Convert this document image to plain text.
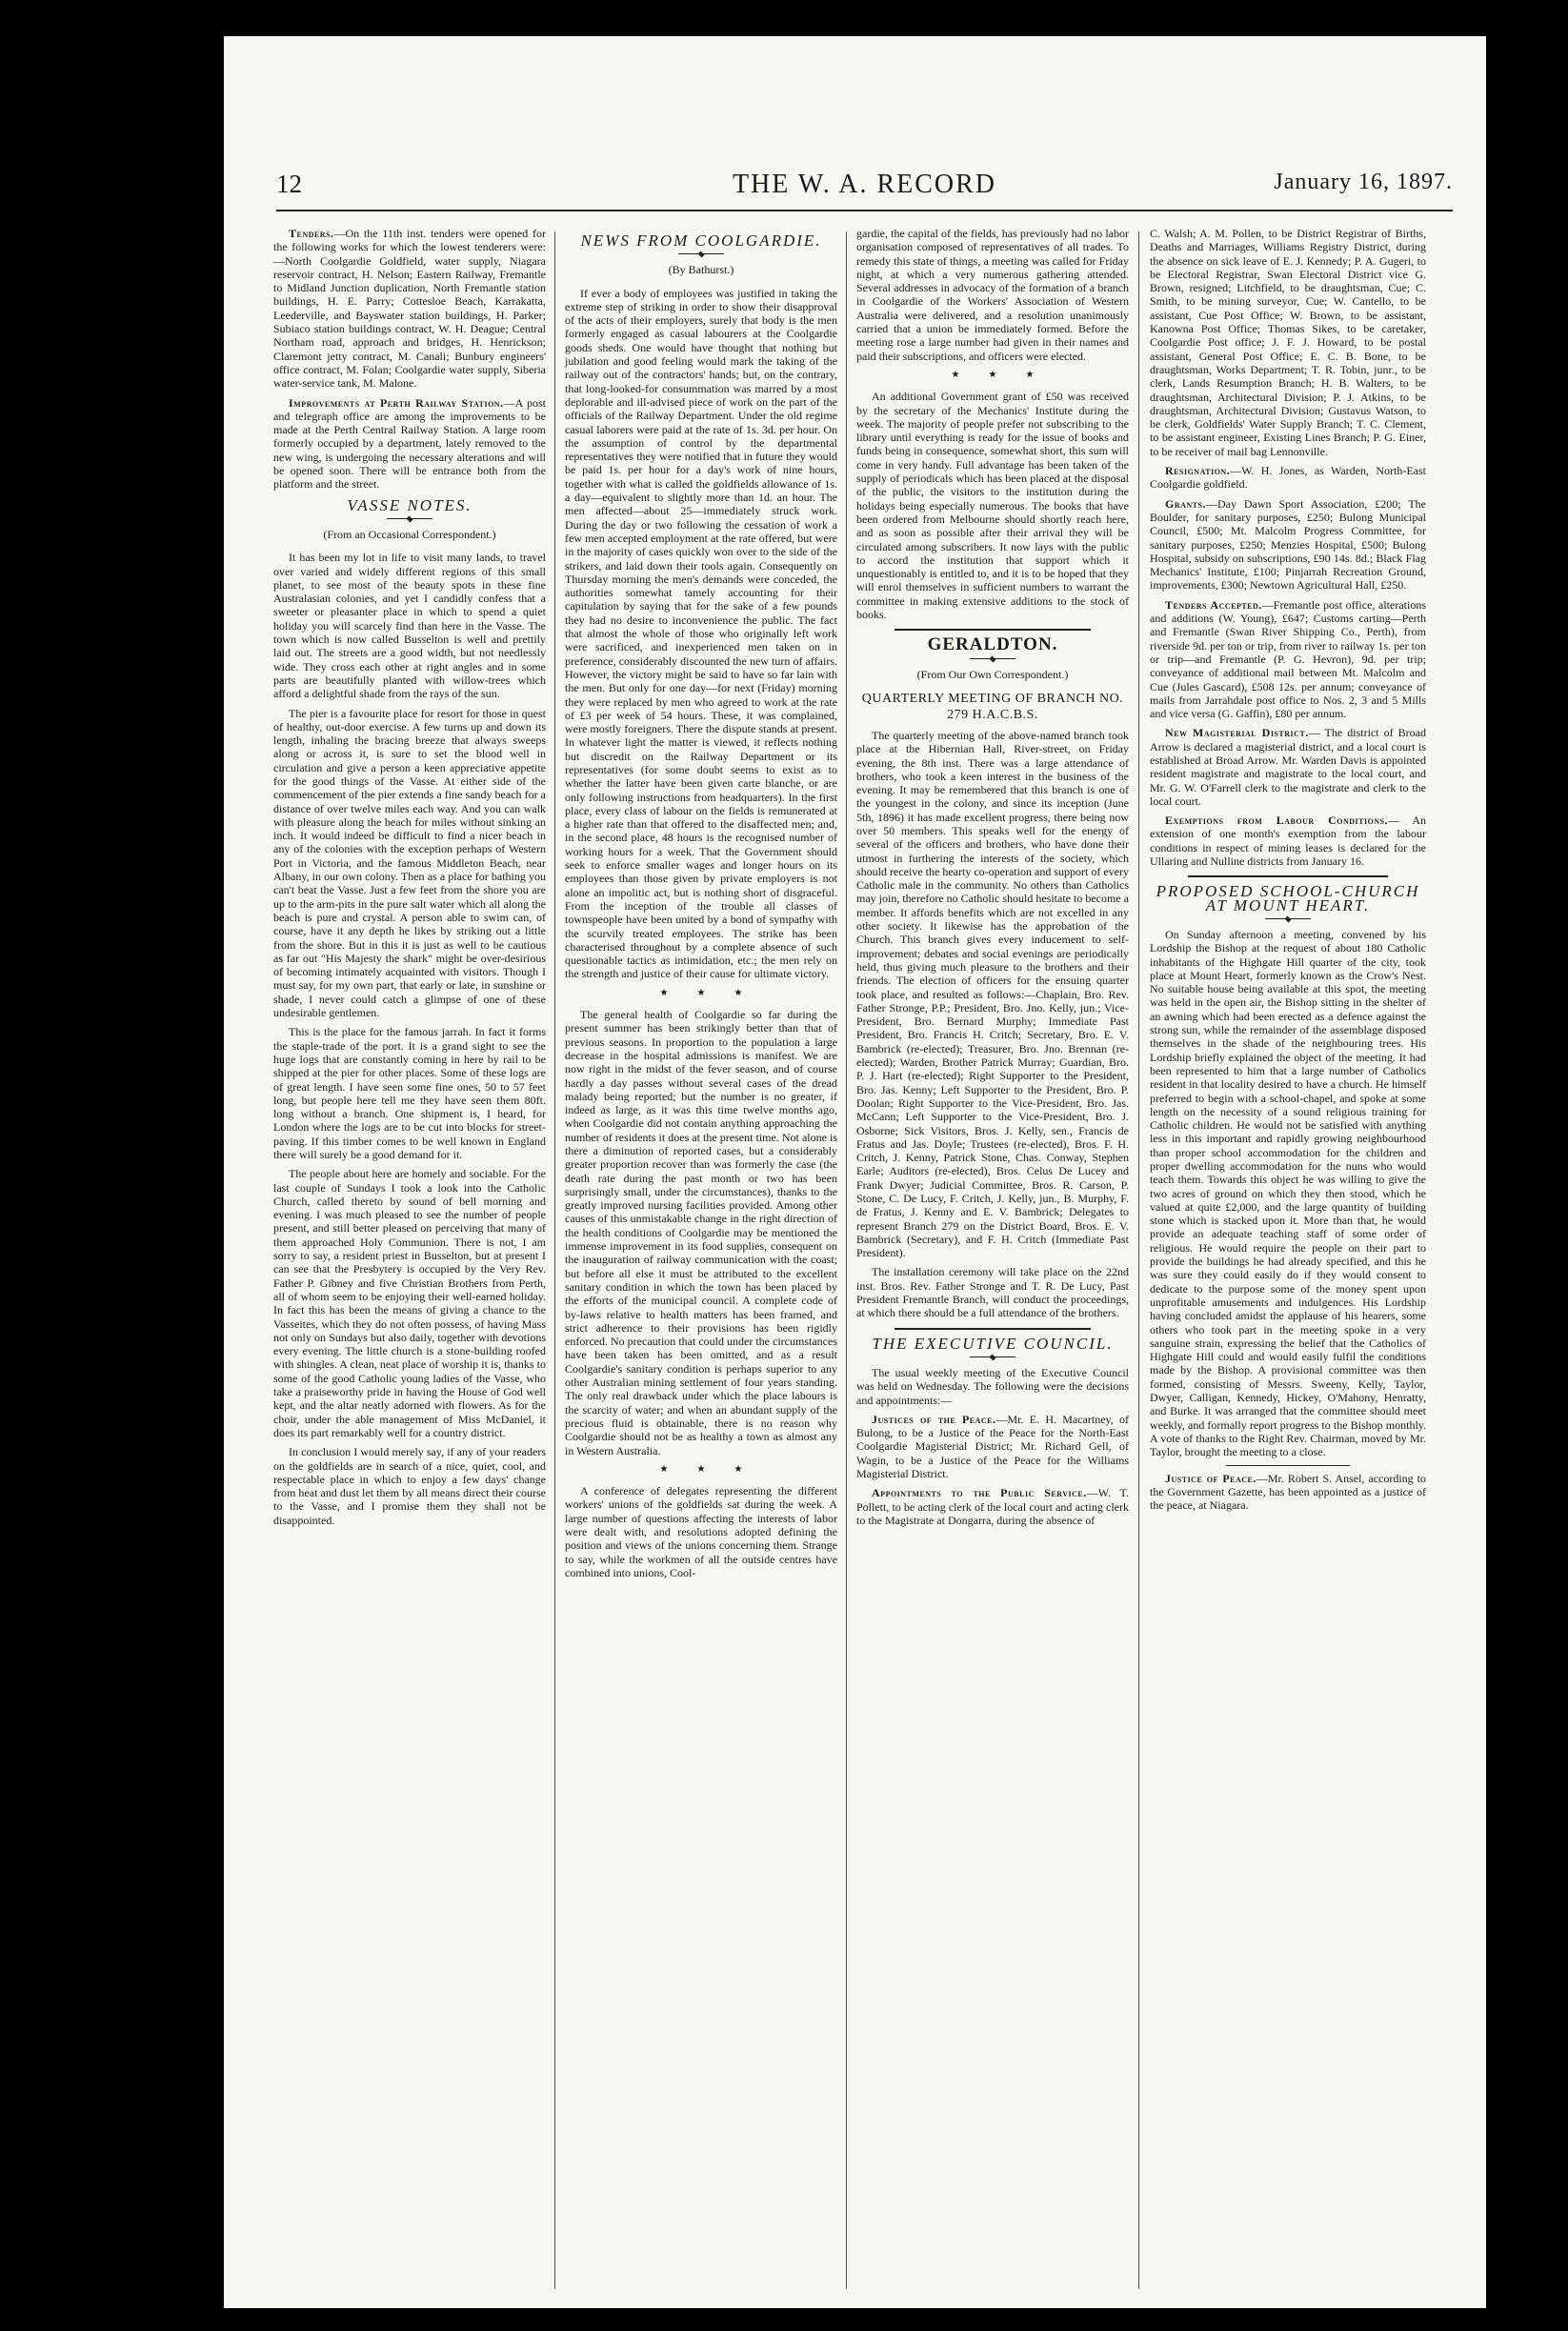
12	THE W. A. RECORD	January 16, 1897.

Tenders.—On the 11th inst. tenders were opened for the following works for which the lowest tenderers were:—North Coolgardie Goldfield, water supply, Niagara reservoir contract, H. Nelson; Eastern Railway, Fremantle to Midland Junction duplication, North Fremantle station buildings, H. E. Parry; Cottesloe Beach, Karrakatta, Leederville, and Bayswater station buildings, H. Parker; Subiaco station buildings contract, W. H. Deague; Central Northam road, approach and bridges, H. Henrickson; Claremont jetty contract, M. Canali; Bunbury engineers' office contract, M. Folan; Coolgardie water supply, Siberia water-service tank, M. Malone.

Improvements at Perth Railway Station.—A post and telegraph office are among the improvements to be made at the Perth Central Railway Station. A large room formerly occupied by a department, lately removed to the new wing, is undergoing the necessary alterations and will be opened soon. There will be entrance both from the platform and the street.

VASSE NOTES.

(From an Occasional Correspondent.)

It has been my lot in life to visit many lands, to travel over varied and widely different regions of this small planet, to see most of the beauty spots in these fine Australasian colonies, and yet I candidly confess that a sweeter or pleasanter place in which to spend a quiet holiday you will scarcely find than here in the Vasse. The town which is now called Busselton is well and prettily laid out. The streets are a good width, but not needlessly wide. They cross each other at right angles and in some parts are beautifully planted with willow-trees which afford a delightful shade from the rays of the sun.

The pier is a favourite place for resort for those in quest of healthy, out-door exercise. A few turns up and down its length, inhaling the bracing breeze that always sweeps along or across it, is sure to set the blood well in circulation and give a person a keen appreciative appetite for the good things of the Vasse. At either side of the commencement of the pier extends a fine sandy beach for a distance of over twelve miles each way. And you can walk with pleasure along the beach for miles without sinking an inch. It would indeed be difficult to find a nicer beach in any of the colonies with the exception perhaps of Western Port in Victoria, and the famous Middleton Beach, near Albany, in our own colony. Then as a place for bathing you can't beat the Vasse. Just a few feet from the shore you are up to the arm-pits in the pure salt water which all along the beach is pure and crystal. A person able to swim can, of course, have it any depth he likes by striking out a little from the shore. But in this it is just as well to be cautious as far out "His Majesty the shark" might be over-desirious of becoming intimately acquainted with visitors. Though I must say, for my own part, that early or late, in sunshine or shade, I never could catch a glimpse of one of these undesirable gentlemen.

This is the place for the famous jarrah. In fact it forms the staple-trade of the port. It is a grand sight to see the huge logs that are constantly coming in here by rail to be shipped at the pier for other places. Some of these logs are of great length. I have seen some fine ones, 50 to 57 feet long, but people here tell me they have seen them 80ft. long without a branch. One shipment is, I heard, for London where the logs are to be cut into blocks for street-paving. If this timber comes to be well known in England there will surely be a good demand for it.

The people about here are homely and sociable. For the last couple of Sundays I took a look into the Catholic Church, called thereto by sound of bell morning and evening. I was much pleased to see the number of people present, and still better pleased on perceiving that many of them approached Holy Communion. There is not, I am sorry to say, a resident priest in Busselton, but at present I can see that the Presbytery is occupied by the Very Rev. Father P. Gibney and five Christian Brothers from Perth, all of whom seem to be enjoying their well-earned holiday. In fact this has been the means of giving a chance to the Vasseites, which they do not often possess, of having Mass not only on Sundays but also daily, together with devotions every evening. The little church is a stone-building roofed with shingles. A clean, neat place of worship it is, thanks to some of the good Catholic young ladies of the Vasse, who take a praiseworthy pride in having the House of God well kept, and the altar neatly adorned with flowers. As for the choir, under the able management of Miss McDaniel, it does its part remarkably well for a country district.

In conclusion I would merely say, if any of your readers on the goldfields are in search of a nice, quiet, cool, and respectable place in which to enjoy a few days' change from heat and dust let them by all means direct their course to the Vasse, and I promise them they shall not be disappointed.

NEWS FROM COOLGARDIE.

(By Bathurst.)

If ever a body of employees was justified in taking the extreme step of striking in order to show their disapproval of the acts of their employers, surely that body is the men formerly engaged as casual labourers at the Coolgardie goods sheds. One would have thought that nothing but jubilation and good feeling would mark the taking of the railway out of the contractors' hands; but, on the contrary, that long-looked-for consummation was marred by a most deplorable and ill-advised piece of work on the part of the officials of the Railway Department. Under the old regime casual laborers were paid at the rate of 1s. 3d. per hour. On the assumption of control by the departmental representatives they were notified that in future they would be paid 1s. per hour for a day's work of nine hours, together with what is called the goldfields allowance of 1s. a day—equivalent to slightly more than 1d. an hour. The men affected—about 25—immediately struck work. During the day or two following the cessation of work a few men accepted employment at the rate offered, but were in the majority of cases quickly won over to the side of the strikers, and laid down their tools again. Consequently on Thursday morning the men's demands were conceded, the authorities somewhat tamely accounting for their capitulation by saying that for the sake of a few pounds they had no desire to inconvenience the public. The fact that almost the whole of those who originally left work were sacrificed, and inexperienced men taken on in preference, considerably discounted the new turn of affairs. However, the victory might be said to have so far lain with the men. But only for one day—for next (Friday) morning they were replaced by men who agreed to work at the rate of £3 per week of 54 hours. These, it was complained, were mostly foreigners. There the dispute stands at present. In whatever light the matter is viewed, it reflects nothing but discredit on the Railway Department or its representatives (for some doubt seems to exist as to whether the latter have been given carte blanche, or are only following instructions from headquarters). In the first place, every class of labour on the fields is remunerated at a higher rate than that offered to the disaffected men; and, in the second place, 48 hours is the recognised number of working hours for a week. That the Government should seek to enforce smaller wages and longer hours on its employees than those given by private employers is not alone an impolitic act, but is nothing short of disgraceful. From the inception of the trouble all classes of townspeople have been united by a bond of sympathy with the scurvily treated employees. The strike has been characterised throughout by a complete absence of such questionable tactics as intimidation, etc.; the men rely on the strength and justice of their cause for ultimate victory.

★★★

The general health of Coolgardie so far during the present summer has been strikingly better than that of previous seasons. In proportion to the population a large decrease in the hospital admissions is manifest. We are now right in the midst of the fever season, and of course hardly a day passes without several cases of the dread malady being reported; but the number is no greater, if indeed as large, as it was this time twelve months ago, when Coolgardie did not contain anything approaching the number of residents it does at the present time. Not alone is there a diminution of reported cases, but a considerably greater proportion recover than was formerly the case (the death rate during the past month or two has been surprisingly small, under the circumstances), thanks to the greatly improved nursing facilities provided. Among other causes of this unmistakable change in the right direction of the health conditions of Coolgardie may be mentioned the immense improvement in its food supplies, consequent on the inauguration of railway communication with the coast; but before all else it must be attributed to the excellent sanitary condition in which the town has been placed by the efforts of the municipal council. A complete code of by-laws relative to health matters has been framed, and strict adherence to their provisions has been rigidly enforced. No precaution that could under the circumstances have been taken has been omitted, and as a result Coolgardie's sanitary condition is perhaps superior to any other Australian mining settlement of four years standing. The only real drawback under which the place labours is the scarcity of water; and when an abundant supply of the precious fluid is obtainable, there is no reason why Coolgardie should not be as healthy a town as almost any in Western Australia.

★★★

A conference of delegates representing the different workers' unions of the goldfields sat during the week. A large number of questions affecting the interests of labor were dealt with, and resolutions adopted defining the position and views of the unions concerning them. Strange to say, while the workmen of all the outside centres have combined into unions, Cool-

gardie, the capital of the fields, has previously had no labor organisation composed of representatives of all trades. To remedy this state of things, a meeting was called for Friday night, at which a very numerous gathering attended. Several addresses in advocacy of the formation of a branch in Coolgardie of the Workers' Association of Western Australia were delivered, and a resolution unanimously carried that a union be immediately formed. Before the meeting rose a large number had given in their names and paid their subscriptions, and officers were elected.

★★★

An additional Government grant of £50 was received by the secretary of the Mechanics' Institute during the week. The majority of people prefer not subscribing to the library until everything is ready for the issue of books and funds being in consequence, somewhat short, this sum will come in very handy. Full advantage has been taken of the supply of periodicals which has been placed at the disposal of the public, the visitors to the institution during the holidays being especially numerous. The books that have been ordered from Melbourne should shortly reach here, and as soon as possible after their arrival they will be circulated among subscribers. It now lays with the public to accord the institution that support which it unquestionably is entitled to, and it is to be hoped that they will enrol themselves in sufficient numbers to warrant the committee in making extensive additions to the stock of books.

GERALDTON.

(From Our Own Correspondent.)

QUARTERLY MEETING OF BRANCH NO. 279 H.A.C.B.S.

The quarterly meeting of the above-named branch took place at the Hibernian Hall, River-street, on Friday evening, the 8th inst. There was a large attendance of brothers, who took a keen interest in the business of the evening. It may be remembered that this branch is one of the youngest in the colony, and since its inception (June 5th, 1896) it has made excellent progress, there being now over 50 members. This speaks well for the energy of several of the officers and brothers, who have done their utmost in furthering the interests of the society, which should receive the hearty co-operation and support of every Catholic male in the community. No others than Catholics may join, therefore no Catholic should hesitate to become a member. It affords benefits which are not excelled in any other society. It likewise has the approbation of the Church. This branch gives every inducement to self-improvement; debates and social evenings are periodically held, thus giving much pleasure to the brothers and their friends. The election of officers for the ensuing quarter took place, and resulted as follows:—Chaplain, Bro. Rev. Father Stronge, P.P.; President, Bro. Jno. Kelly, jun.; Vice-President, Bro. Bernard Murphy; Immediate Past President, Bro. Francis H. Critch; Secretary, Bro. E. V. Bambrick (re-elected); Treasurer, Bro. Jno. Brennan (re-elected); Warden, Brother Patrick Murray; Guardian, Bro. P. J. Hart (re-elected); Right Supporter to the President, Bro. Jas. Kenny; Left Supporter to the President, Bro. P. Doolan; Right Supporter to the Vice-President, Bro. Jas. McCann; Left Supporter to the Vice-President, Bro. J. Osborne; Sick Visitors, Bros. J. Kelly, sen., Francis de Fratus and Jas. Doyle; Trustees (re-elected), Bros. F. H. Critch, J. Kenny, Patrick Stone, Chas. Conway, Stephen Earle; Auditors (re-elected), Bros. Celus De Lucey and Frank Dwyer; Judicial Committee, Bros. R. Carson, P. Stone, C. De Lucy, F. Critch, J. Kelly, jun., B. Murphy, F. de Fratus, J. Kenny and E. V. Bambrick; Delegates to represent Branch 279 on the District Board, Bros. E. V. Bambrick (Secretary), and F. H. Critch (Immediate Past President).

The installation ceremony will take place on the 22nd inst. Bros. Rev. Father Stronge and T. R. De Lucy, Past President Fremantle Branch, will conduct the proceedings, at which there should be a full attendance of the brothers.

THE EXECUTIVE COUNCIL.

The usual weekly meeting of the Executive Council was held on Wednesday. The following were the decisions and appointments:—

Justices of the Peace.—Mr. E. H. Macartney, of Bulong, to be a Justice of the Peace for the North-East Coolgardie Magisterial District; Mr. Richard Gell, of Wagin, to be a Justice of the Peace for the Williams Magisterial District.

Appointments to the Public Service.—W. T. Pollett, to be acting clerk of the local court and acting clerk to the Magistrate at Dongarra, during the absence of

C. Walsh; A. M. Pollen, to be District Registrar of Births, Deaths and Marriages, Williams Registry District, during the absence on sick leave of E. J. Kennedy; P. A. Gugeri, to be Electoral Registrar, Swan Electoral District vice G. Brown, resigned; Litchfield, to be draughtsman, Cue; C. Smith, to be mining surveyor, Cue; W. Cantello, to be assistant, Cue Post Office; W. Brown, to be assistant, Kanowna Post Office; Thomas Sikes, to be caretaker, Coolgardie Post office; J. F. J. Howard, to be postal assistant, General Post Office; E. C. B. Bone, to be draughtsman, Works Department; T. R. Tobin, junr., to be clerk, Lands Resumption Branch; H. B. Walters, to be draughtsman, Architectural Division; P. J. Atkins, to be draughtsman, Architectural Division; Gustavus Watson, to be clerk, Goldfields' Water Supply Branch; T. C. Clement, to be assistant engineer, Existing Lines Branch; P. G. Einer, to be receiver of mail bag Lennonville.

Resignation.—W. H. Jones, as Warden, North-East Coolgardie goldfield.

Grants.—Day Dawn Sport Association, £200; The Boulder, for sanitary purposes, £250; Bulong Municipal Council, £500; Mt. Malcolm Progress Committee, for sanitary purposes, £250; Menzies Hospital, £500; Bulong Hospital, subsidy on subscriptions, £90 14s. 8d.; Black Flag Mechanics' Institute, £100; Pinjarrah Recreation Ground, improvements, £300; Newtown Agricultural Hall, £250.

Tenders Accepted.—Fremantle post office, alterations and additions (W. Young), £647; Customs carting—Perth and Fremantle (Swan River Shipping Co., Perth), from riverside 9d. per ton or trip, from river to railway 1s. per ton or trip—and Fremantle (P. G. Hevron), 9d. per trip; conveyance of additional mail between Mt. Malcolm and Cue (Jules Gascard), £508 12s. per annum; conveyance of mails from Jarrahdale post office to Nos. 2, 3 and 5 Mills and vice versa (G. Gaffin), £80 per annum.

New Magisterial District.— The district of Broad Arrow is declared a magisterial district, and a local court is established at Broad Arrow. Mr. Warden Davis is appointed resident magistrate and magistrate to the local court, and Mr. G. W. O'Farrell clerk to the magistrate and clerk to the local court.

Exemptions from Labour Conditions.— An extension of one month's exemption from the labour conditions in respect of mining leases is declared for the Ullaring and Nulline districts from January 16.

PROPOSED SCHOOL-CHURCH
AT MOUNT HEART.

On Sunday afternoon a meeting, convened by his Lordship the Bishop at the request of about 180 Catholic inhabitants of the Highgate Hill quarter of the city, took place at Mount Heart, formerly known as the Crow's Nest. No suitable house being available at this spot, the meeting was held in the open air, the Bishop sitting in the shelter of an awning which had been erected as a defence against the strong sun, while the remainder of the assemblage disposed themselves in the shade of the neighbouring trees. His Lordship briefly explained the object of the meeting. It had been represented to him that a large number of Catholics resident in that locality desired to have a church. He himself preferred to begin with a school-chapel, and spoke at some length on the necessity of a sound religious training for Catholic children. He would not be satisfied with anything less in this important and rapidly growing neighbourhood than proper school accommodation for the children and proper dwelling accommodation for the nuns who would teach them. Towards this object he was willing to give the two acres of ground on which they then stood, which he valued at quite £2,000, and the large quantity of building stone which is stacked upon it. More than that, he would provide an adequate teaching staff of some order of religious. He would require the people on their part to provide the buildings he had already specified, and this he was sure they could easily do if they would consent to dedicate to the purpose some of the money spent upon unprofitable amusements and indulgences. His Lordship having concluded amidst the applause of his hearers, some others who took part in the meeting spoke in a very sanguine strain, expressing the belief that the Catholics of Highgate Hill could and would easily fulfil the conditions made by the Bishop. A provisional committee was then formed, consisting of Messrs. Sweeny, Kelly, Taylor, Dwyer, Calligan, Kennedy, Hickey, O'Mahony, Henratty, and Burke. It was arranged that the committee should meet weekly, and formally report progress to the Bishop monthly. A vote of thanks to the Right Rev. Chairman, moved by Mr. Taylor, brought the meeting to a close.

Justice of Peace.—Mr. Robert S. Ansel, according to the Government Gazette, has been appointed as a justice of the peace, at Niagara.
